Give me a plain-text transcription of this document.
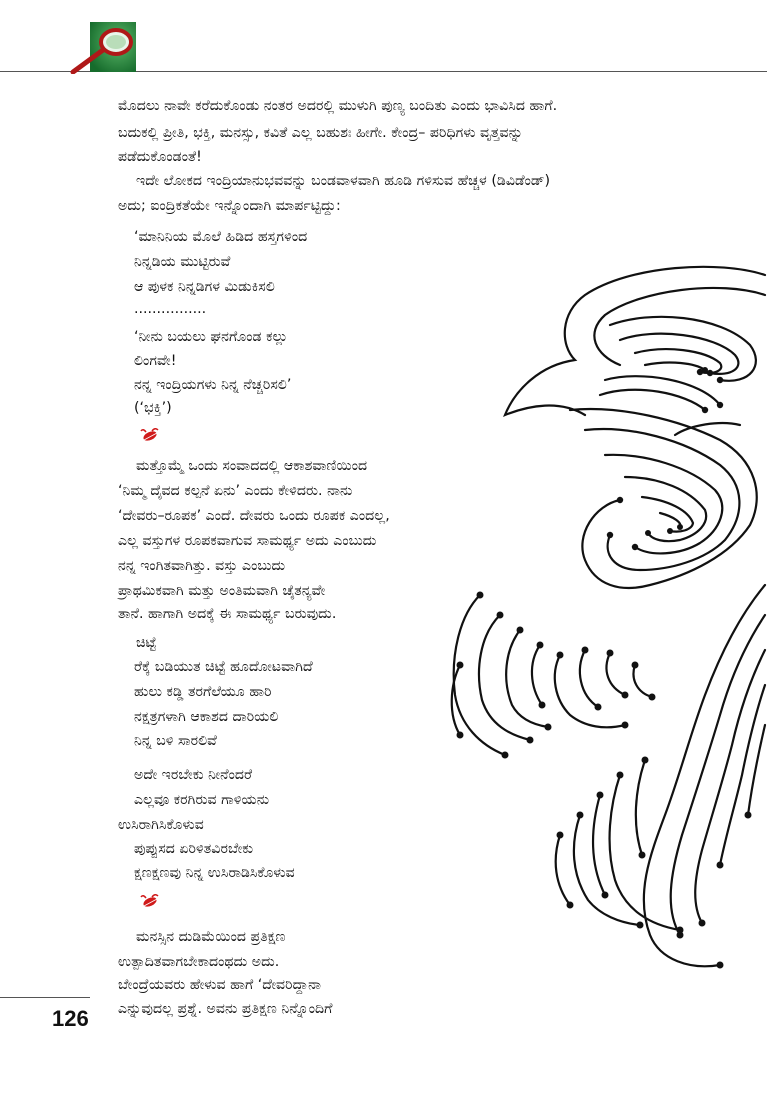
ಮೊದಲು ನಾವೇ ಕರೆದುಕೊಂಡು ನಂತರ ಅದರಲ್ಲಿ ಮುಳುಗಿ ಪುಣ್ಯ ಬಂದಿತು ಎಂದು ಭಾವಿಸಿದ ಹಾಗೆ.
ಬದುಕಲ್ಲಿ ಪ್ರೀತಿ, ಭಕ್ತಿ, ಮನಸ್ಸು, ಕವಿತೆ ಎಲ್ಲ ಬಹುಶಃ ಹೀಗೇ. ಕೇಂದ್ರ– ಪರಿಧಿಗಳು ವೃತ್ತವನ್ನು
ಪಡೆದುಕೊಂಡಂತೆ!
ಇದೇ ಲೋಕದ ಇಂದ್ರಿಯಾನುಭವವನ್ನು ಬಂಡವಾಳವಾಗಿ ಹೂಡಿ ಗಳಿಸುವ ಹೆಚ್ಚಳ (ಡಿವಿಡೆಂಡ್)
ಅದು; ಐಂದ್ರಿಕತೆಯೇ ಇನ್ನೊಂದಾಗಿ ಮಾರ್ಪಟ್ಟಿದ್ದು:
‘ಮಾನಿನಿಯ ಮೊಲೆ ಹಿಡಿದ ಹಸ್ತಗಳಿಂದ
ನಿನ್ನಡಿಯ ಮುಟ್ಟಿರುವೆ
ಆ ಪುಳಕ ನಿನ್ನಡಿಗಳ ಮಿಡುಕಿಸಲಿ
................
‘ನೀನು ಬಯಲು ಘನಗೊಂಡ ಕಲ್ಲು
ಲಿಂಗವೇ!
ನನ್ನ ಇಂದ್ರಿಯಗಳು ನಿನ್ನ ನೆಚ್ಚರಿಸಲಿ’
(‘ಭಕ್ತಿ’)
ಮತ್ತೊಮ್ಮೆ ಒಂದು ಸಂವಾದದಲ್ಲಿ ಆಕಾಶವಾಣಿಯಿಂದ
‘ನಿಮ್ಮ ದೈವದ ಕಲ್ಪನೆ ಏನು’ ಎಂದು ಕೇಳಿದರು. ನಾನು
‘ದೇವರು–ರೂಪಕ’ ಎಂದೆ. ದೇವರು ಒಂದು ರೂಪಕ ಎಂದಲ್ಲ,
ಎಲ್ಲ ವಸ್ತುಗಳ ರೂಪಕವಾಗುವ ಸಾಮರ್ಥ್ಯ ಅದು ಎಂಬುದು
ನನ್ನ ಇಂಗಿತವಾಗಿತ್ತು. ವಸ್ತು ಎಂಬುದು
ಪ್ರಾಥಮಿಕವಾಗಿ ಮತ್ತು ಅಂತಿಮವಾಗಿ ಚೈತನ್ಯವೇ
ತಾನೆ. ಹಾಗಾಗಿ ಅದಕ್ಕೆ ಈ ಸಾಮರ್ಥ್ಯ ಬರುವುದು.
ಚಿಟ್ಟೆ
ರೆಕ್ಕೆ ಬಡಿಯುತ ಚಿಟ್ಟೆ ಹೂದೋಟವಾಗಿದೆ
ಹುಲು ಕಡ್ಡಿ ತರಗೆಲೆಯೂ ಹಾರಿ
ನಕ್ಷತ್ರಗಳಾಗಿ ಆಕಾಶದ ದಾರಿಯಲಿ
ನಿನ್ನ ಬಳಿ ಸಾರಲಿವೆ
ಅದೇ ಇರಬೇಕು ನೀನೆಂದರೆ
ಎಲ್ಲವೂ ಕರಗಿರುವ ಗಾಳಿಯನು
ಉಸಿರಾಗಿಸಿಕೊಳುವ
ಪುಪ್ಪುಸದ ಏರಿಳಿತವಿರಬೇಕು
ಕ್ಷಣಕ್ಷಣವು ನಿನ್ನ ಉಸಿರಾಡಿಸಿಕೊಳುವ
ಮನಸ್ಸಿನ ದುಡಿಮೆಯಿಂದ ಪ್ರತಿಕ್ಷಣ
ಉತ್ಪಾದಿತವಾಗಬೇಕಾದಂಥದು ಅದು.
ಬೇಂದ್ರೆಯವರು ಹೇಳುವ ಹಾಗೆ ‘ದೇವರಿದ್ದಾನಾ
ಎನ್ನುವುದಲ್ಲ ಪ್ರಶ್ನೆ. ಅವನು ಪ್ರತಿಕ್ಷಣ ನಿನ್ನೊಂದಿಗೆ
126
